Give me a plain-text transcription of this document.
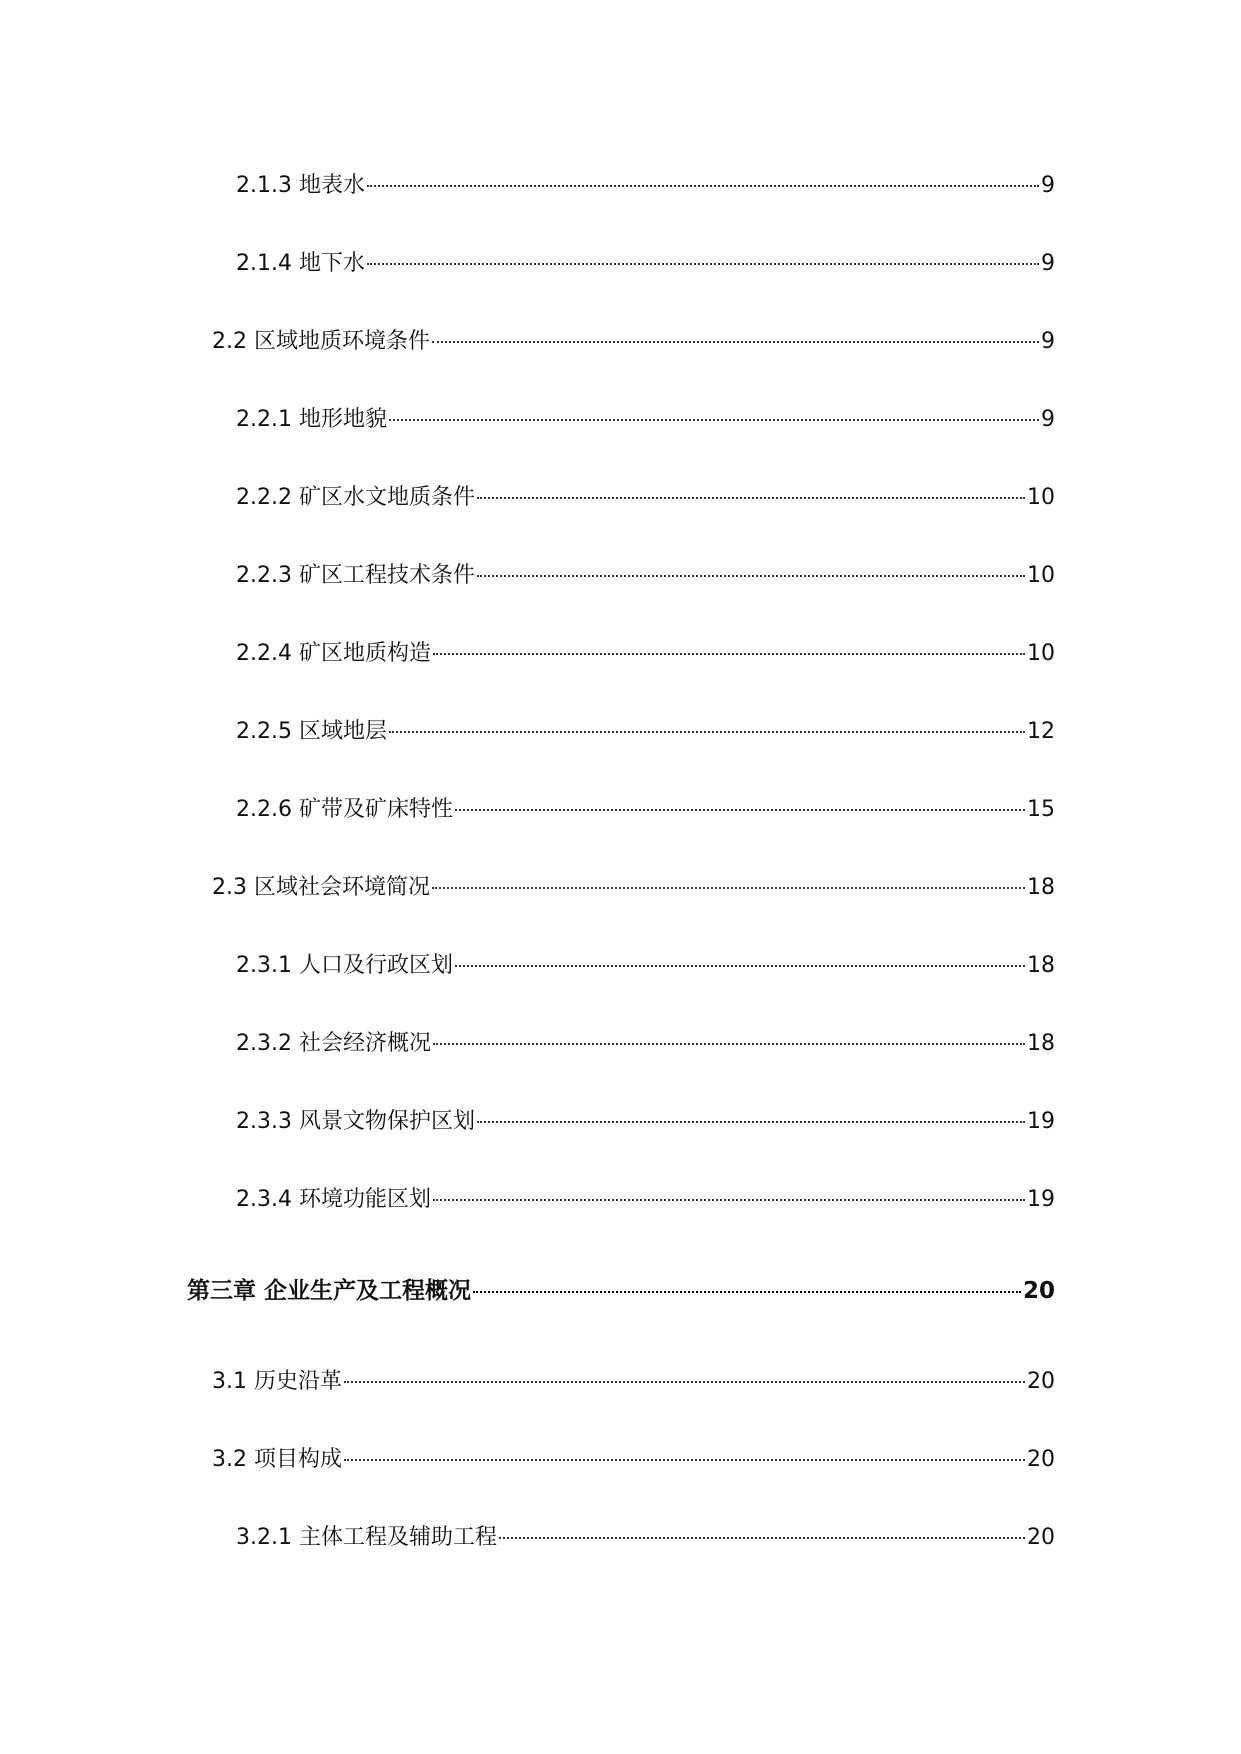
2.1.3 地表水	9
2.1.4 地下水	9
2.2 区域地质环境条件	9
2.2.1 地形地貌	9
2.2.2 矿区水文地质条件	10
2.2.3 矿区工程技术条件	10
2.2.4 矿区地质构造	10
2.2.5 区域地层	12
2.2.6 矿带及矿床特性	15
2.3 区域社会环境简况	18
2.3.1 人口及行政区划	18
2.3.2 社会经济概况	18
2.3.3 风景文物保护区划	19
2.3.4 环境功能区划	19
第三章 企业生产及工程概况	20
3.1 历史沿革	20
3.2 项目构成	20
3.2.1 主体工程及辅助工程	20
